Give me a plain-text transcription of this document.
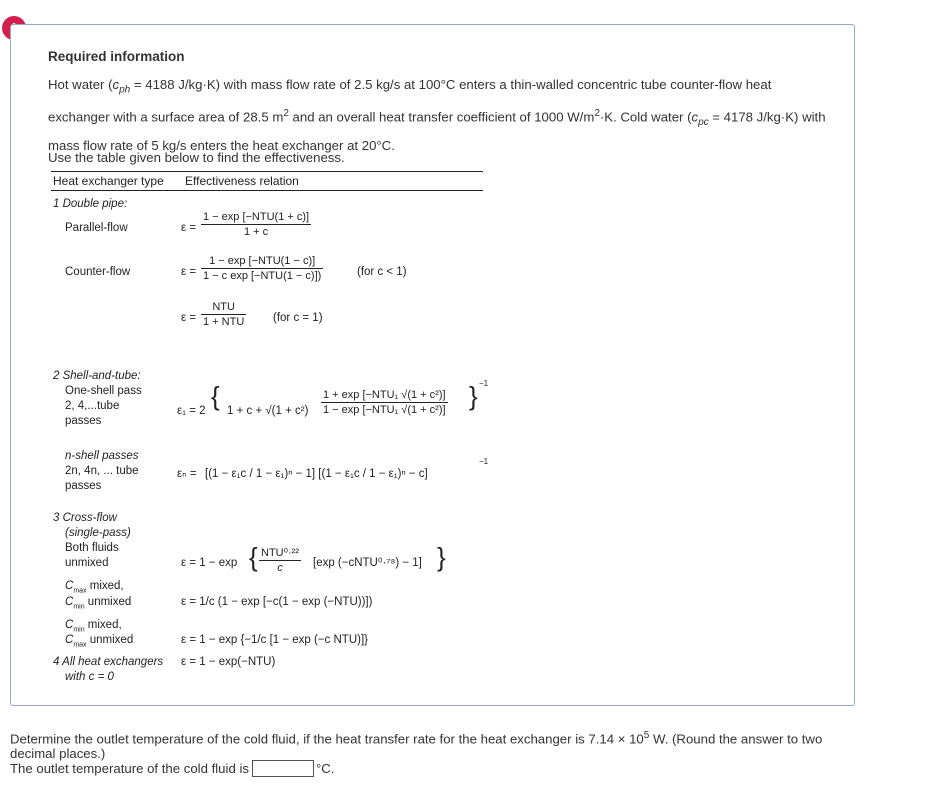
Required information
Hot water ($c_{ph} = 4188$ J/kg·K) with mass flow rate of 2.5 kg/s at 100°C enters a thin-walled concentric tube counter-flow heat exchanger with a surface area of 28.5 $m^2$ and an overall heat transfer coefficient of 1000 $W/m^2\cdot K$. Cold water ($c_{pc} = 4178$ J/kg·K) with mass flow rate of 5 kg/s enters the heat exchanger at 20°C.
Use the table given below to find the effectiveness.
Heat exchanger type Effectiveness relation
1 Double pipe:
Parallel-flow	ε =
1 − exp [−NTU(1 + c)]
1 + c
Counter-flow	ε =
1 − exp [−NTU(1 − c)]
1 − c exp [−NTU(1 − c)])	(for c < 1)
ε =
NTU
1 + NTU (for c = 1)
2 Shell-and-tube:
One-shell pass
2, 4,...tube
passes
ε₁ = 2 { 1 + c + √(1 + c²)
1 + exp [−NTU₁ √(1 + c²)]
1 − exp [−NTU₁ √(1 + c²)] } −1
n-shell passes
2n, 4n, ... tube
passes
εₙ = [(1 − ε₁c / 1 − ε₁)ⁿ − 1] [(1 − ε₁c / 1 − ε₁)ⁿ − c]
−1
3 Cross-flow
(single-pass)
Both fluids
unmixed	ε = 1 − exp { NTU⁰·²²
c	[exp (−cNTU⁰·⁷⁸) − 1] }
$C_{max}$ mixed,
$C_{min}$ unmixed	ε = 1/c (1 − exp [−c(1 − exp (−NTU))])
$C_{min}$ mixed,
$C_{max}$ unmixed	ε = 1 − exp {−1/c [1 − exp (−c NTU)]}
4 All heat exchangers ε = 1 − exp(−NTU)
with c = 0
Determine the outlet temperature of the cold fluid, if the heat transfer rate for the heat exchanger is $7.14 \times 10^5$ W. (Round the answer to two decimal places.)
The outlet temperature of the cold fluid is	°C.
